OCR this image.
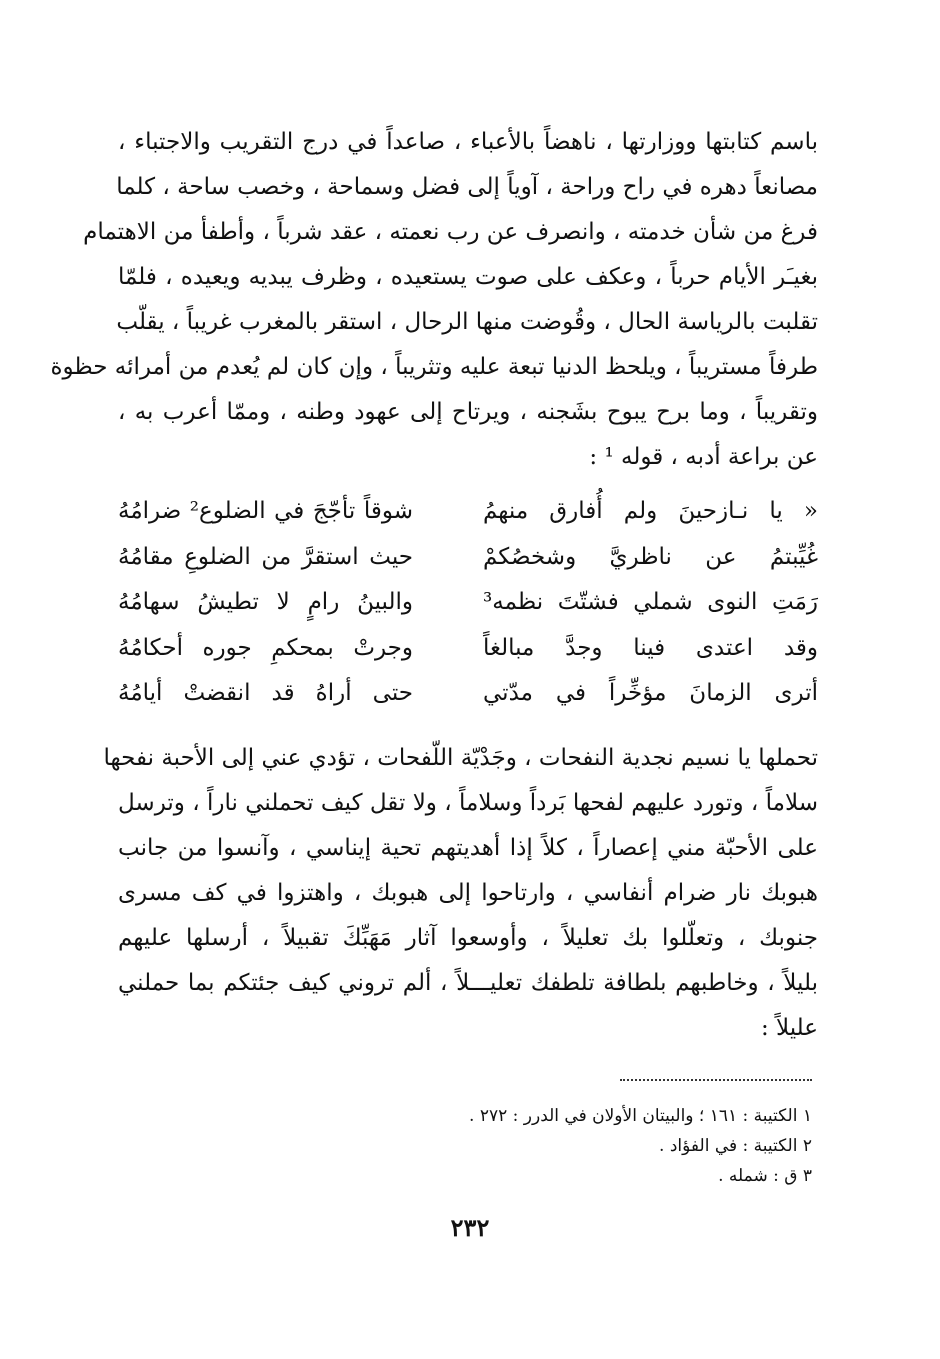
باسم كتابتها ووزارتها ، ناهضاً بالأعباء ، صاعداً في درج التقريب والاجتباء ،
مصانعاً دهره في راح وراحة ، آوياً إلى فضل وسماحة ، وخصب ساحة ، كلما
فرغ من شأن خدمته ، وانصرف عن رب نعمته ، عقد شرباً ، وأطفأ من الاهتمام
بغيـَر الأيام حرباً ، وعكف على صوت يستعيده ، وظرف يبديه ويعيده ، فلمّا
تقلبت بالرياسة الحال ، وقُوضت منها الرحال ، استقر بالمغرب غريباً ، يقلّب
طرفاً مستريباً ، ويلحظ الدنيا تبعة عليه وتثريباً ، وإن كان لم يُعدم من أمرائه حظوة
وتقريباً ، وما برح يبوح بشَجنه ، ويرتاح إلى عهود وطنه ، وممّا أعرب به ،
عن براعة أدبه ، قوله ¹ :
« يا نـازحينَ ولم أُفارق منهمُ
شوقاً تأجّجَ في الضلوع² ضرامُهُ
غُيِّبتمُ عن ناظريَّ وشخصُكمْ
حيث استقرَّ من الضلوعِ مقامُهُ
رَمَتِ النوى شملي فشتّتَ نظمه³
والبينُ رامٍ لا تطيشُ سهامُهُ
وقد اعتدى فينا وجدَّ مبالغاً
وجرتْ بمحكمِ جوره أحكامُهُ
أترى الزمانَ مؤخِّراً في مدّتي
حتى أراهُ قد انقضتْ أيامُهُ
تحملها يا نسيم نجدية النفحات ، وجَدْيّة اللّفحات ، تؤدي عني إلى الأحبة نفحها
سلاماً ، وتورد عليهم لفحها بَرداً وسلاماً ، ولا تقل كيف تحملني ناراً ، وترسل
على الأحبّة مني إعصاراً ، كلاً إذا أهديتهم تحية إيناسي ، وآنسوا من جانب
هبوبك نار ضرام أنفاسي ، وارتاحوا إلى هبوبك ، واهتزوا في كف مسرى
جنوبك ، وتعلّلوا بك تعليلاً ، وأوسعوا آثار مَهَبِّكَ تقبيلاً ، أرسلها عليهم
بليلاً ، وخاطبهم بلطافة تلطفك تعليـــلاً ، ألم تروني كيف جئتكم بما حملني
عليلاً :
١ الكتيبة : ١٦١ ؛ والبيتان الأولان في الدرر : ٢٧٢ .
٢ الكتيبة : في الفؤاد .
٣ ق : شمله .
٢٣٢
